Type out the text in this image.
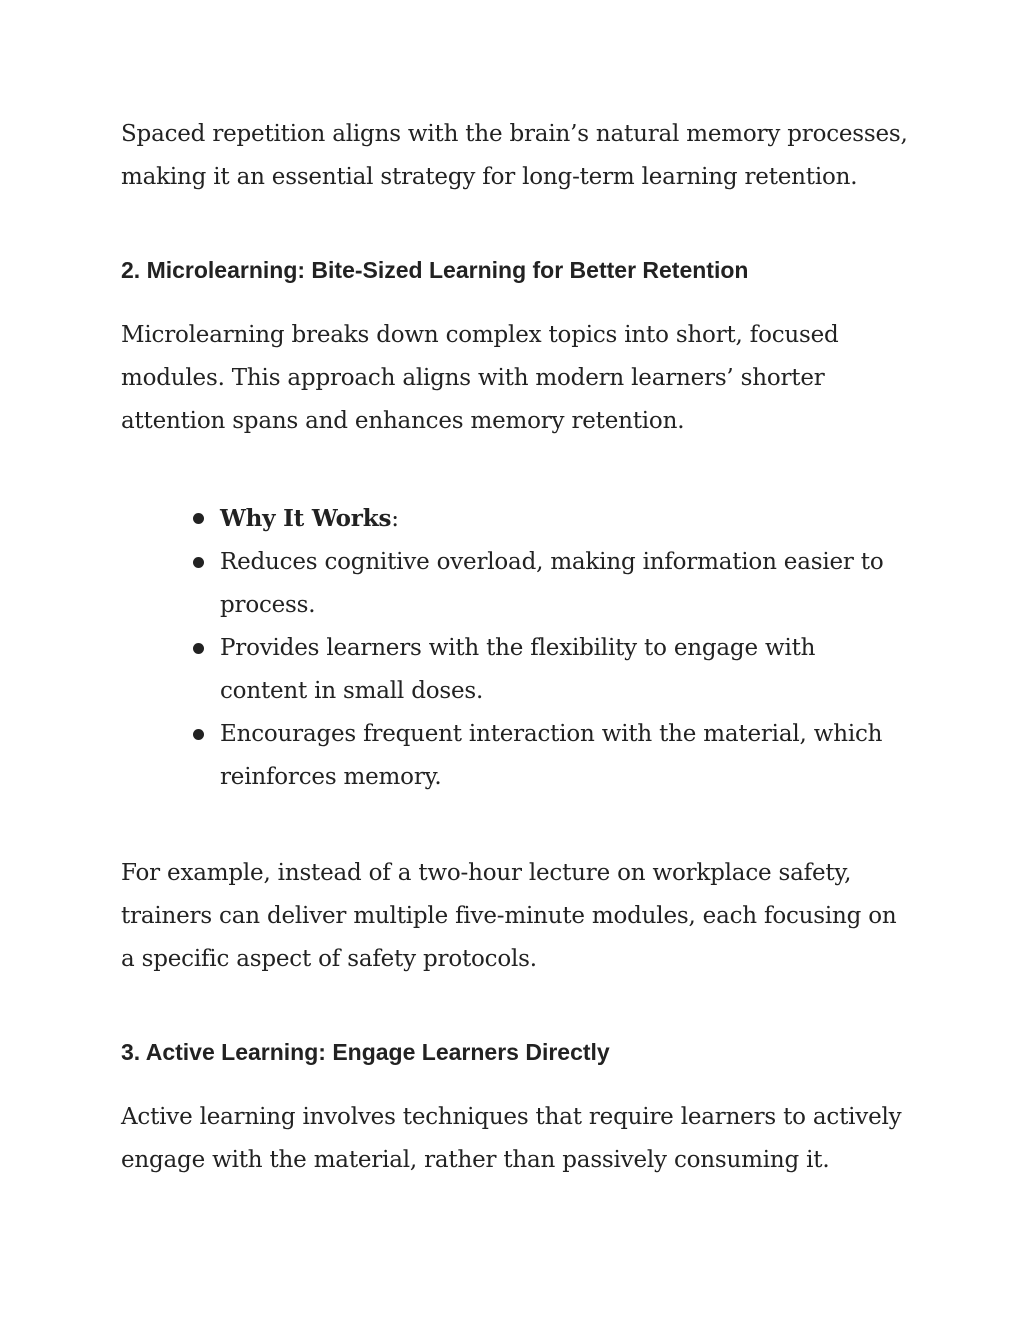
Spaced repetition aligns with the brain’s natural memory processes, making it an essential strategy for long-term learning retention.

2. Microlearning: Bite-Sized Learning for Better Retention

Microlearning breaks down complex topics into short, focused modules. This approach aligns with modern learners’ shorter attention spans and enhances memory retention.

Why It Works:
Reduces cognitive overload, making information easier to process.
Provides learners with the flexibility to engage with content in small doses.
Encourages frequent interaction with the material, which reinforces memory.

For example, instead of a two-hour lecture on workplace safety, trainers can deliver multiple five-minute modules, each focusing on a specific aspect of safety protocols.

3. Active Learning: Engage Learners Directly

Active learning involves techniques that require learners to actively engage with the material, rather than passively consuming it.
